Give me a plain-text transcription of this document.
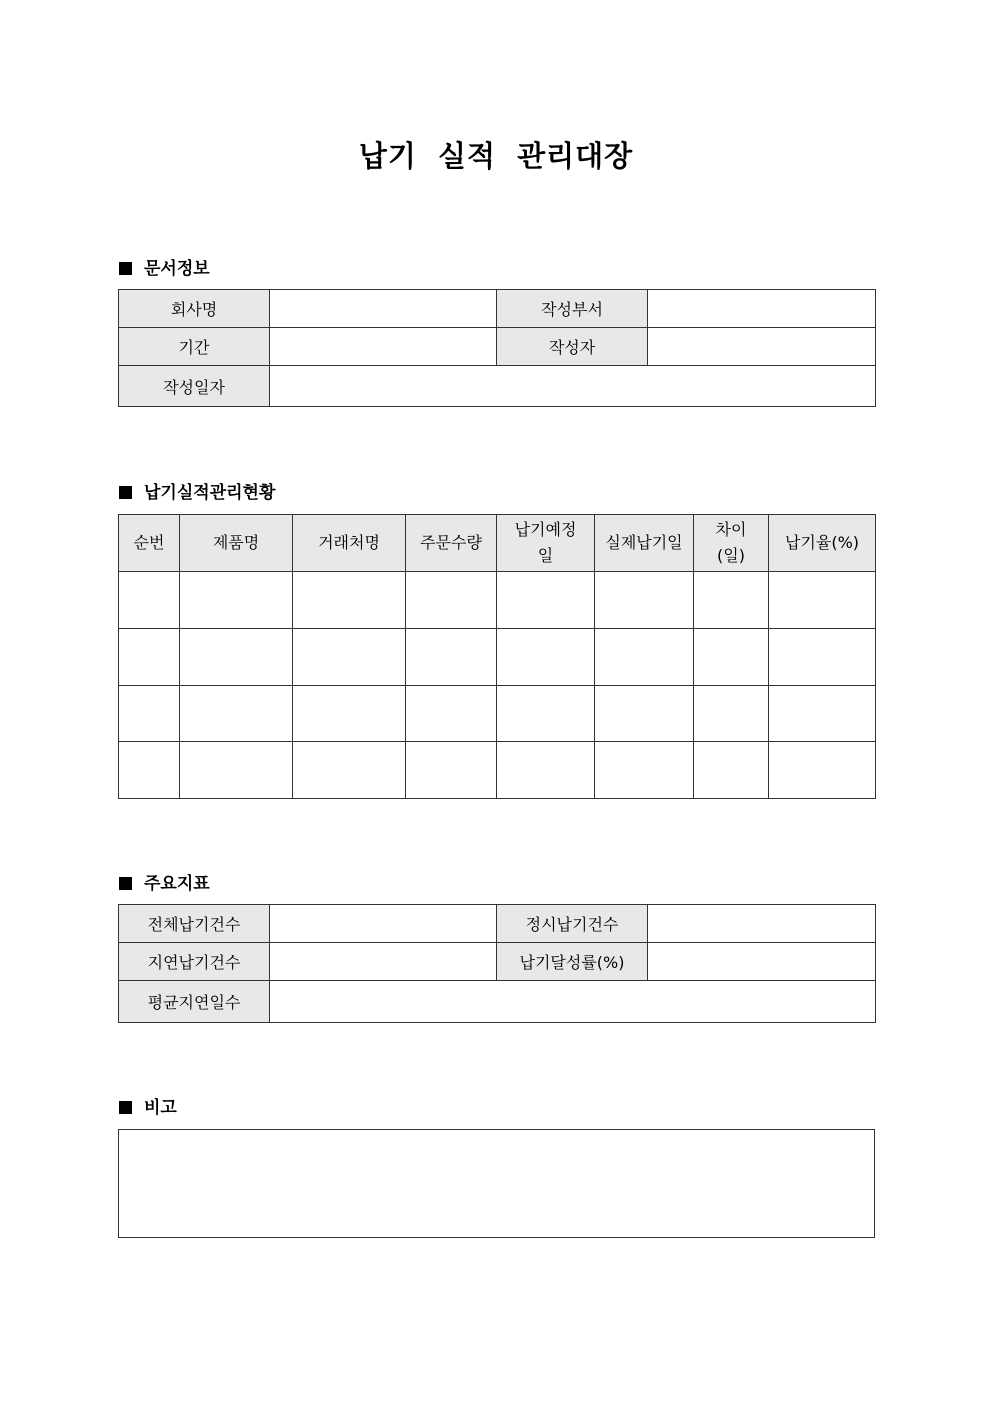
납기 실적 관리대장
문서정보
회사명		작성부서	
기간		작성자	
작성일자			
납기실적관리현황
순번	제품명	거래처명	주문수량	납기예정일	실제납기일	차이(일)	납기율(%)

주요지표
전체납기건수		정시납기건수	
지연납기건수		납기달성률(%)	
평균지연일수			
비고
